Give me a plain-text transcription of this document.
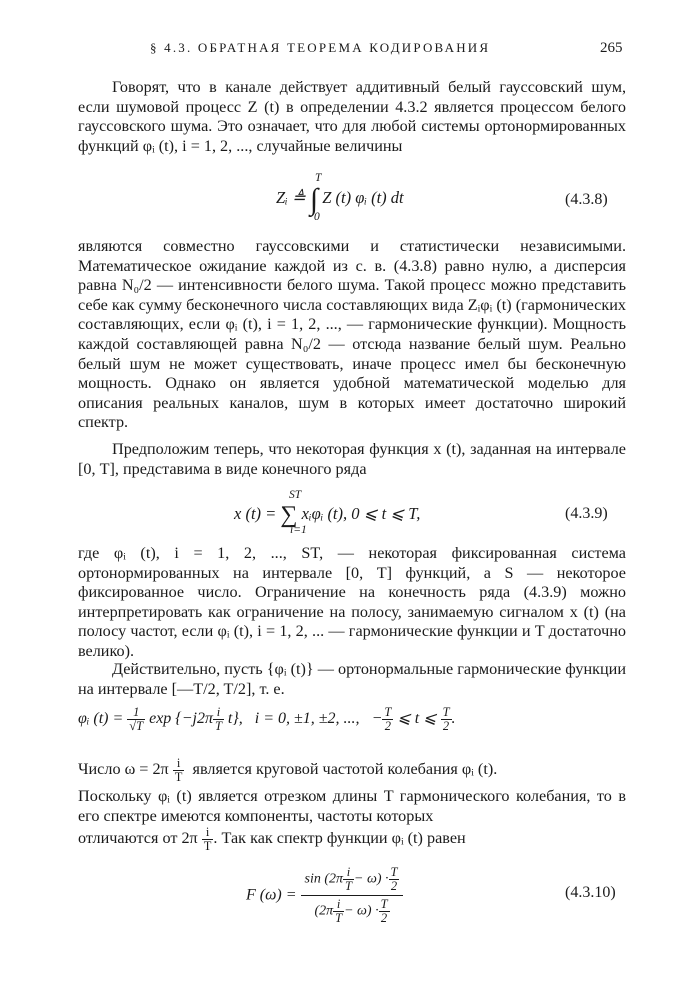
§ 4.3. ОБРАТНАЯ ТЕОРЕМА КОДИРОВАНИЯ	265

Говорят, что в канале действует аддитивный белый гауссовский шум, если шумовой процесс Z (t) в определении 4.3.2 является процессом белого гауссовского шума. Это означает, что для любой системы ортонормированных функций φᵢ (t), i = 1, 2, ..., случайные величины

Zᵢ ≜ ∫ Z (t) φᵢ (t) dt
T
0
(4.3.8)

являются совместно гауссовскими и статистически независимыми. Математическое ожидание каждой из с. в. (4.3.8) равно нулю, а дисперсия равна N₀/2 — интенсивности белого шума. Такой процесс можно представить себе как сумму бесконечного числа составляющих вида Zᵢφᵢ (t) (гармонических составляющих, если φᵢ (t), i = 1, 2, ..., — гармонические функции). Мощность каждой составляющей равна N₀/2 — отсюда название белый шум. Реально белый шум не может существовать, иначе процесс имел бы бесконечную мощность. Однако он является удобной математической моделью для описания реальных каналов, шум в которых имеет достаточно широкий спектр.

Предположим теперь, что некоторая функция x (t), заданная на интервале [0, T], представима в виде конечного ряда

x (t) = ∑ xᵢφᵢ (t), 0 ⩽ t ⩽ T,
ST
i=1
(4.3.9)

где φᵢ (t), i = 1, 2, ..., ST, — некоторая фиксированная система ортонормированных на интервале [0, T] функций, а S — некоторое фиксированное число. Ограничение на конечность ряда (4.3.9) можно интерпретировать как ограничение на полосу, занимаемую сигналом x (t) (на полосу частот, если φᵢ (t), i = 1, 2, ... — гармонические функции и T достаточно велико).

Действительно, пусть {φᵢ (t)} — ортонормальные гармонические функции на интервале [—T/2, T/2], т. е.

φᵢ $(t) = \frac{1}{√T}$ $\exp \{-j2\pi \frac{i}{T} t\}$, i = 0, ±1, ±2, ..., − $\frac{T}{2}$ ⩽ t ⩽ $\frac{T}{2}$ .
Число $\omega = 2\pi \frac{i}{T}$ является круговой частотой колебания φᵢ (t).

Поскольку φᵢ (t) является отрезком длины T гармонического колебания, то в его спектре имеются компоненты, частоты которых

отличаются от $2\pi \frac{i}{T}$ . Так как спектр функции φᵢ (t) равен
F (ω) =
$\sin (2\pi \frac{i}{T} - \omega) \cdot \frac{T}{2}$
$(2\pi \frac{i}{T} - \omega) \cdot \frac{T}{2}$
(4.3.10)
